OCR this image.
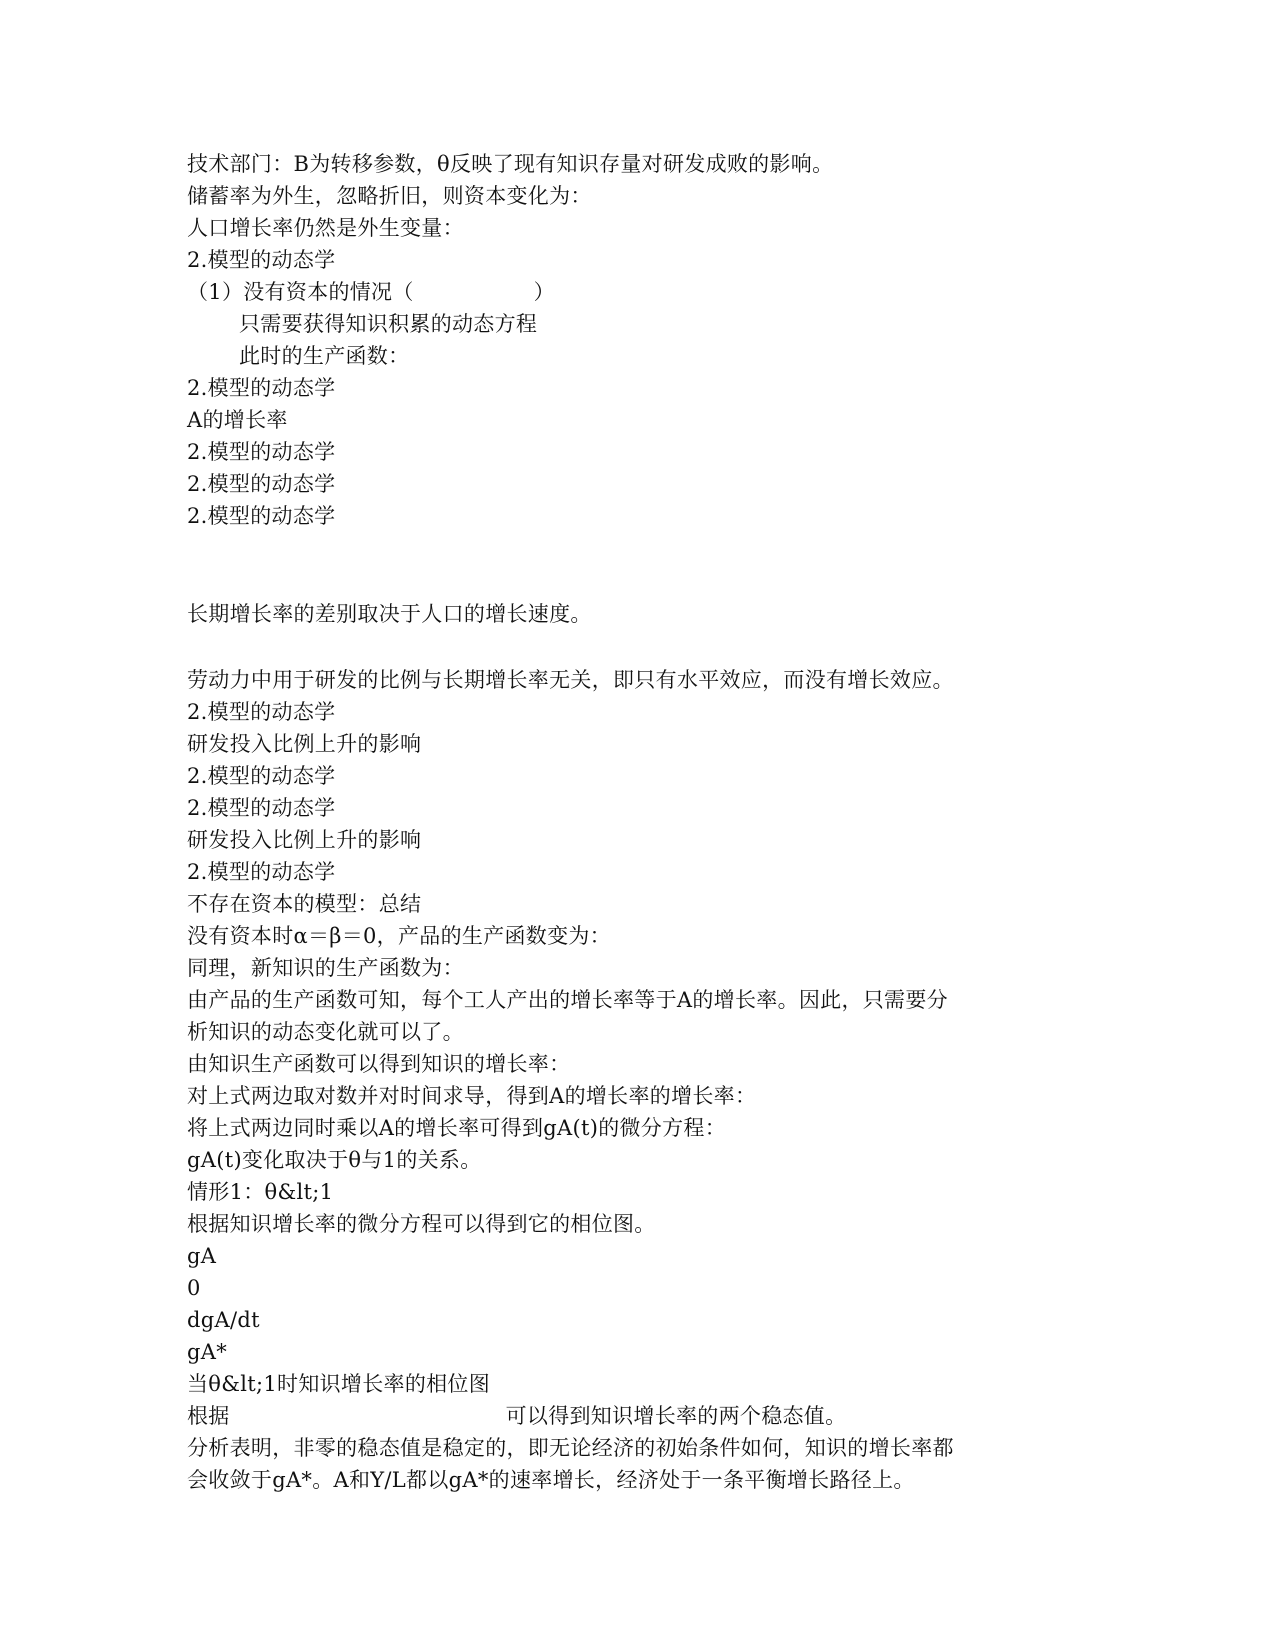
技术部门：B为转移参数，θ反映了现有知识存量对研发成败的影响。
储蓄率为外生，忽略折旧，则资本变化为：
人口增长率仍然是外生变量：
2.模型的动态学
（1）没有资本的情况（	）
只需要获得知识积累的动态方程
此时的生产函数：
2.模型的动态学
A的增长率
2.模型的动态学
2.模型的动态学
2.模型的动态学
长期增长率的差别取决于人口的增长速度。
劳动力中用于研发的比例与长期增长率无关，即只有水平效应，而没有增长效应。
2.模型的动态学
研发投入比例上升的影响
2.模型的动态学
2.模型的动态学
研发投入比例上升的影响
2.模型的动态学
不存在资本的模型：总结
没有资本时α＝β＝0，产品的生产函数变为：
同理，新知识的生产函数为：
由产品的生产函数可知，每个工人产出的增长率等于A的增长率。因此，只需要分
析知识的动态变化就可以了。
由知识生产函数可以得到知识的增长率：
对上式两边取对数并对时间求导，得到A的增长率的增长率：
将上式两边同时乘以A的增长率可得到gA(t)的微分方程：
gA(t)变化取决于θ与1的关系。
情形1：θ&lt;1
根据知识增长率的微分方程可以得到它的相位图。
gA
0
dgA/dt
gA*
当θ&lt;1时知识增长率的相位图
根据	可以得到知识增长率的两个稳态值。
分析表明，非零的稳态值是稳定的，即无论经济的初始条件如何，知识的增长率都
会收敛于gA*。A和Y/L都以gA*的速率增长，经济处于一条平衡增长路径上。
